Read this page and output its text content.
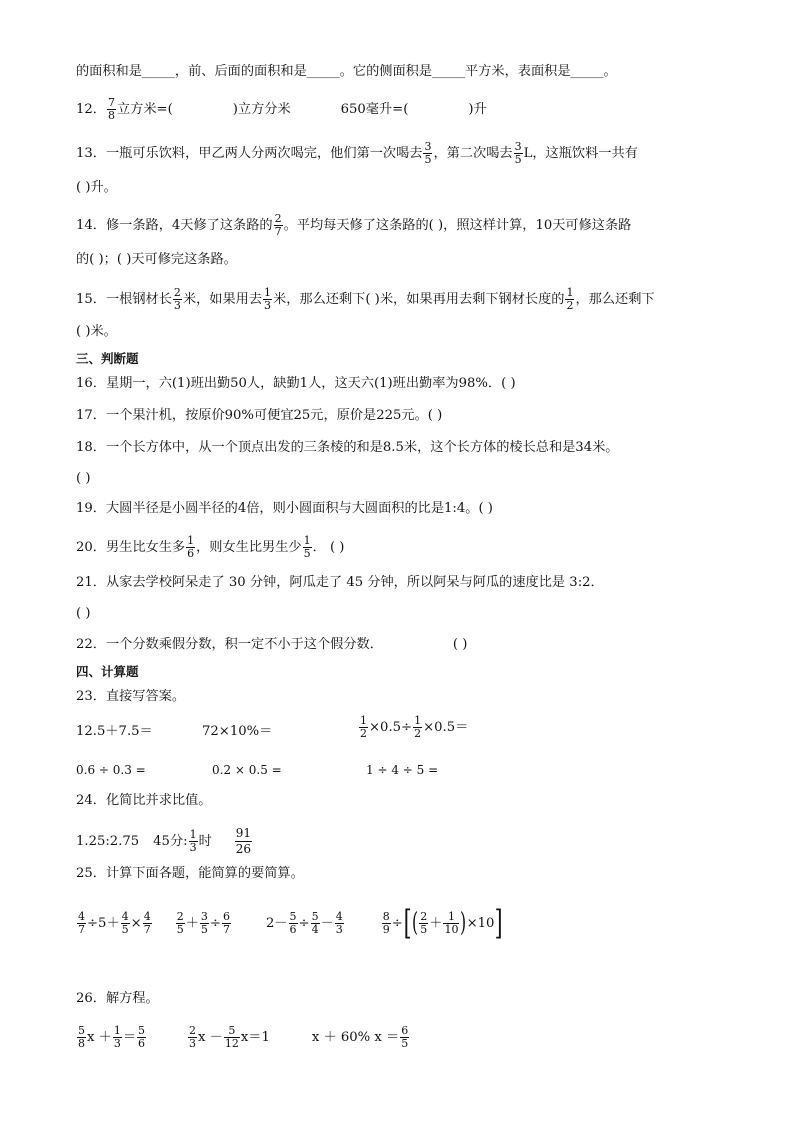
的面积和是_____，前、后面的面积和是_____。它的侧面积是_____平方米，表面积是_____。
12． $\frac{7}{8}$ 立方米=(	)立方分米	650毫升=(	)升
13．一瓶可乐饮料，甲乙两人分两次喝完，他们第一次喝去 $\frac{3}{5}$ ，第二次喝去 $\frac{3}{5}$ L，这瓶饮料一共有
( )升。
14．修一条路，4天修了这条路的 $\frac{2}{7}$ 。平均每天修了这条路的( )，照这样计算，10天可修这条路
的( )；( )天可修完这条路。
15．一根钢材长 $\frac{2}{3}$ 米，如果用去 $\frac{1}{3}$ 米，那么还剩下( )米，如果再用去剩下钢材长度的 $\frac{1}{2}$ ，那么还剩下
( )米。
三、判断题
16．星期一，六(1)班出勤50人，缺勤1人，这天六(1)班出勤率为98%．( )
17．一个果汁机，按原价90%可便宜25元，原价是225元。( )
18．一个长方体中，从一个顶点出发的三条棱的和是8.5米，这个长方体的棱长总和是34米。
( )
19．大圆半径是小圆半径的4倍，则小圆面积与大圆面积的比是1:4。( )
20．男生比女生多 $\frac{1}{6}$ ，则女生比男生少 $\frac{1}{5}$ ． ( )
21．从家去学校阿呆走了 30 分钟，阿瓜走了 45 分钟，所以阿呆与阿瓜的速度比是 3:2．
( )
22．一个分数乘假分数，积一定不小于这个假分数．	( )
四、计算题
23．直接写答案。
12.5＋7.5＝	72×10%＝	$\frac{1}{2} \times 0.5\div \frac{1}{2} \times 0.5=$
0.6 ÷ 0.3 =	0.2 × 0.5 =	1 ÷ 4 ÷ 5 =
24．化简比并求比值。
1.25:2.75 45分: $\frac{1}{3}$ 时 $\frac{91}{26}$
25．计算下面各题，能简算的要简算。
$\frac{4}{7} \div 5+ \frac{4}{5} \times \frac{4}{7} \frac{2}{5} + \frac{3}{5} \div \frac{6}{7}$	$2- \frac{5}{6} \div \frac{5}{4} - \frac{4}{3}$	$\frac{8}{9}$ ÷[( $\frac{2}{5} + \frac{1}{10} )\times 10$]
26．解方程。
$\frac{5}{8}$ $x + \frac{1}{3} = \frac{5}{6}$	$\frac{2}{3}$ $x - \frac{5}{12} x=1$	x ＋ 60% $x = \frac{6}{5}$
